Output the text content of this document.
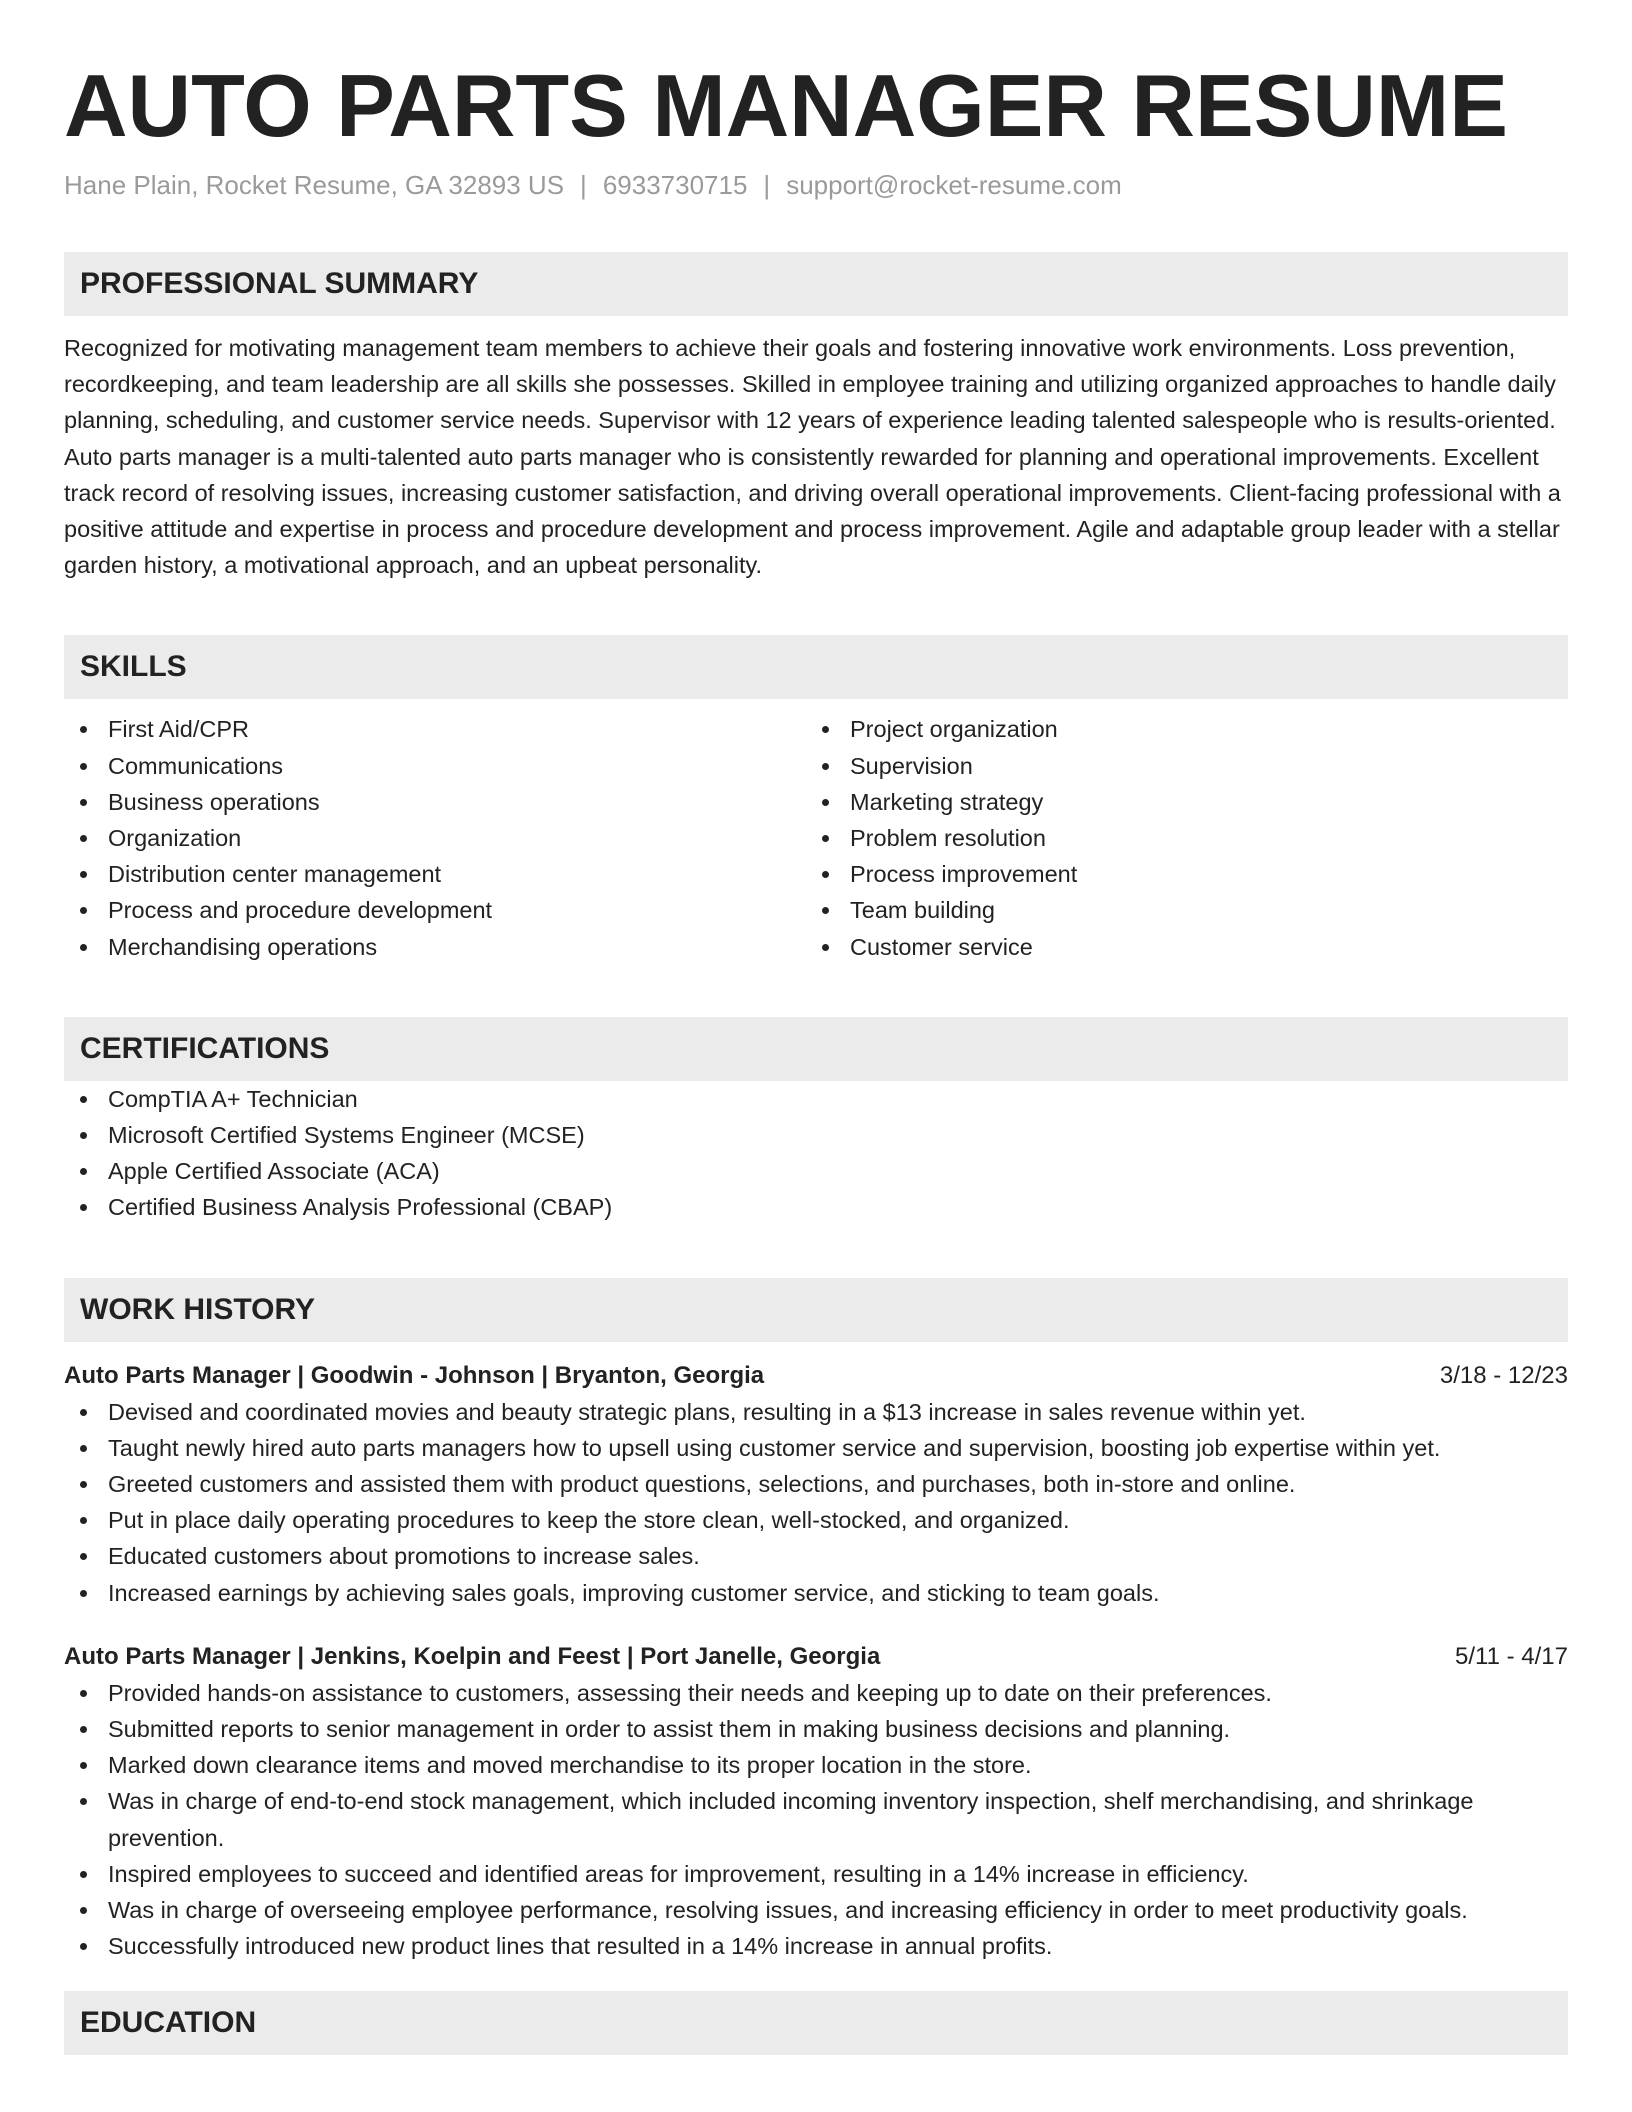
AUTO PARTS MANAGER RESUME
Hane Plain, Rocket Resume, GA 32893 US | 6933730715 | support@rocket-resume.com
PROFESSIONAL SUMMARY
Recognized for motivating management team members to achieve their goals and fostering innovative work environments. Loss prevention, recordkeeping, and team leadership are all skills she possesses. Skilled in employee training and utilizing organized approaches to handle daily planning, scheduling, and customer service needs. Supervisor with 12 years of experience leading talented salespeople who is results-oriented. Auto parts manager is a multi-talented auto parts manager who is consistently rewarded for planning and operational improvements. Excellent track record of resolving issues, increasing customer satisfaction, and driving overall operational improvements. Client-facing professional with a positive attitude and expertise in process and procedure development and process improvement. Agile and adaptable group leader with a stellar garden history, a motivational approach, and an upbeat personality.
SKILLS
First Aid/CPR
Communications
Business operations
Organization
Distribution center management
Process and procedure development
Merchandising operations
Project organization
Supervision
Marketing strategy
Problem resolution
Process improvement
Team building
Customer service
CERTIFICATIONS
CompTIA A+ Technician
Microsoft Certified Systems Engineer (MCSE)
Apple Certified Associate (ACA)
Certified Business Analysis Professional (CBAP)
WORK HISTORY
Auto Parts Manager | Goodwin - Johnson | Bryanton, Georgia	3/18 - 12/23
Devised and coordinated movies and beauty strategic plans, resulting in a $13 increase in sales revenue within yet.
Taught newly hired auto parts managers how to upsell using customer service and supervision, boosting job expertise within yet.
Greeted customers and assisted them with product questions, selections, and purchases, both in-store and online.
Put in place daily operating procedures to keep the store clean, well-stocked, and organized.
Educated customers about promotions to increase sales.
Increased earnings by achieving sales goals, improving customer service, and sticking to team goals.
Auto Parts Manager | Jenkins, Koelpin and Feest | Port Janelle, Georgia	5/11 - 4/17
Provided hands-on assistance to customers, assessing their needs and keeping up to date on their preferences.
Submitted reports to senior management in order to assist them in making business decisions and planning.
Marked down clearance items and moved merchandise to its proper location in the store.
Was in charge of end-to-end stock management, which included incoming inventory inspection, shelf merchandising, and shrinkage prevention.
Inspired employees to succeed and identified areas for improvement, resulting in a 14% increase in efficiency.
Was in charge of overseeing employee performance, resolving issues, and increasing efficiency in order to meet productivity goals.
Successfully introduced new product lines that resulted in a 14% increase in annual profits.
EDUCATION
